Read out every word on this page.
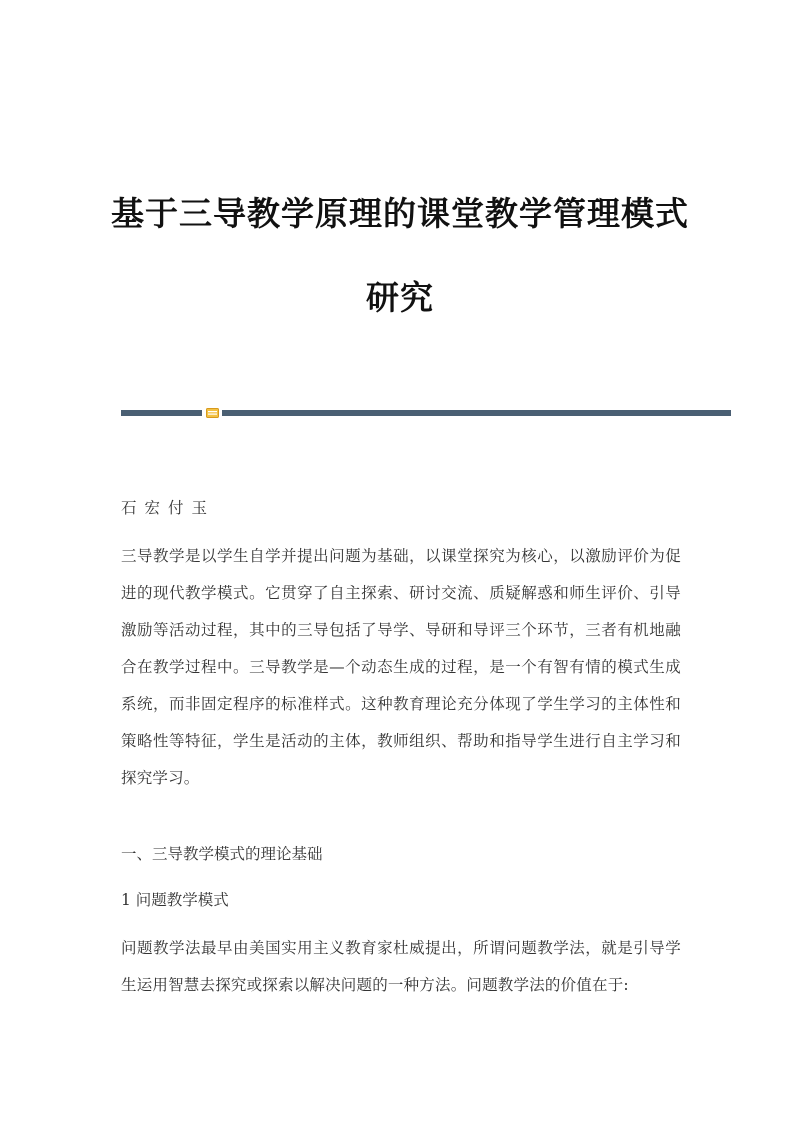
基于三导教学原理的课堂教学管理模式
研究

石宏付玉

三导教学是以学生自学并提出问题为基础，以课堂探究为核心，以激励评价为促进的现代教学模式。它贯穿了自主探索、研讨交流、质疑解惑和师生评价、引导激励等活动过程，其中的三导包括了导学、导研和导评三个环节，三者有机地融合在教学过程中。三导教学是—个动态生成的过程，是一个有智有情的模式生成系统，而非固定程序的标准样式。这种教育理论充分体现了学生学习的主体性和策略性等特征，学生是活动的主体，教师组织、帮助和指导学生进行自主学习和探究学习。

一、三导教学模式的理论基础

1 问题教学模式

问题教学法最早由美国实用主义教育家杜威提出，所谓问题教学法，就是引导学生运用智慧去探究或探索以解决问题的一种方法。问题教学法的价值在于:
